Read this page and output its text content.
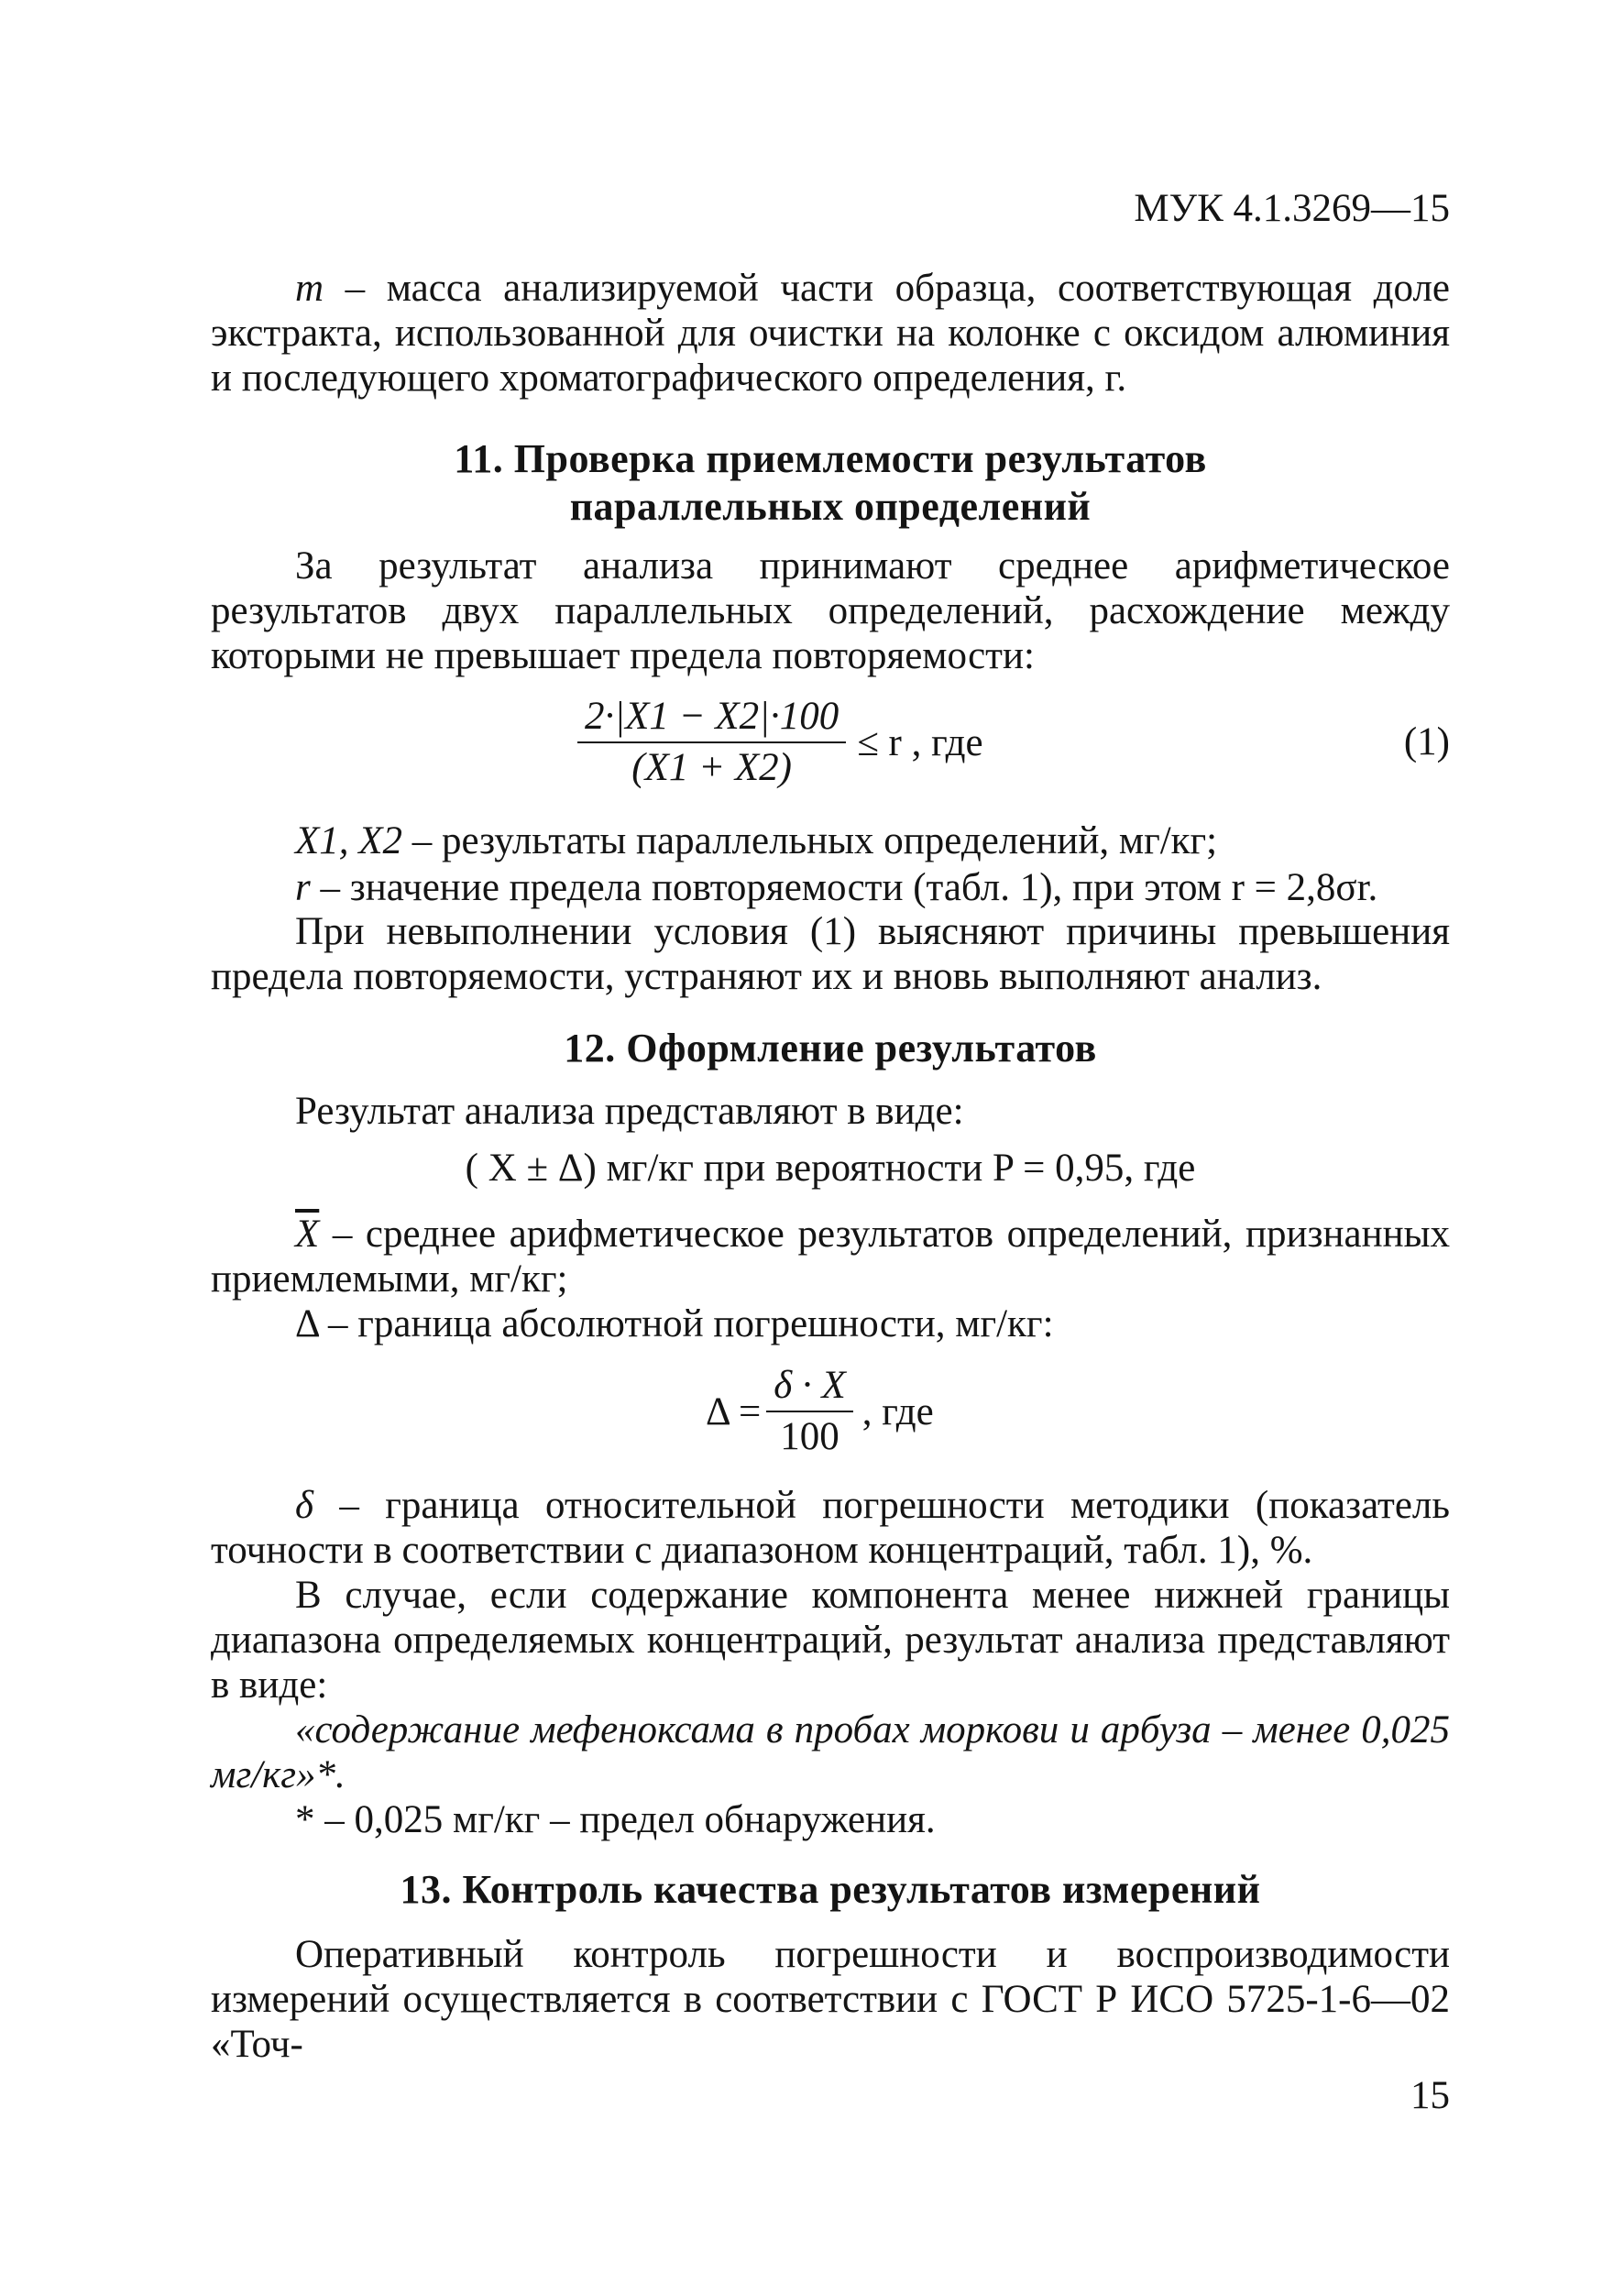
МУК 4.1.3269—15

m – масса анализируемой части образца, соответствующая доле экстракта, использованной для очистки на колонке с оксидом алюминия и последующего хроматографического определения, г.

11. Проверка приемлемости результатов
параллельных определений

За результат анализа принимают среднее арифметическое результатов двух параллельных определений, расхождение между которыми не превышает предела повторяемости:

$\frac{2\cdot|X1 - X2|\cdot 100}{(X1 + X2)} \le r$ , где	(1)

X1, X2 – результаты параллельных определений, мг/кг;

r – значение предела повторяемости (табл. 1), при этом r = 2,8σr.

При невыполнении условия (1) выясняют причины превышения предела повторяемости, устраняют их и вновь выполняют анализ.

12. Оформление результатов

Результат анализа представляют в виде:

( X ± Δ) мг/кг при вероятности P = 0,95, где

$\overline{X}$ – среднее арифметическое результатов определений, признанных приемлемыми, мг/кг;

Δ – граница абсолютной погрешности, мг/кг:

$\Delta = \frac{\delta \cdot X}{100}$ , где

δ – граница относительной погрешности методики (показатель точности в соответствии с диапазоном концентраций, табл. 1), %.

В случае, если содержание компонента менее нижней границы диапазона определяемых концентраций, результат анализа представляют в виде:

«содержание мефеноксама в пробах моркови и арбуза – менее 0,025 мг/кг»*.

* – 0,025 мг/кг – предел обнаружения.

13. Контроль качества результатов измерений

Оперативный контроль погрешности и воспроизводимости измерений осуществляется в соответствии с ГОСТ Р ИСО 5725-1-6—02 «Точ-

15
